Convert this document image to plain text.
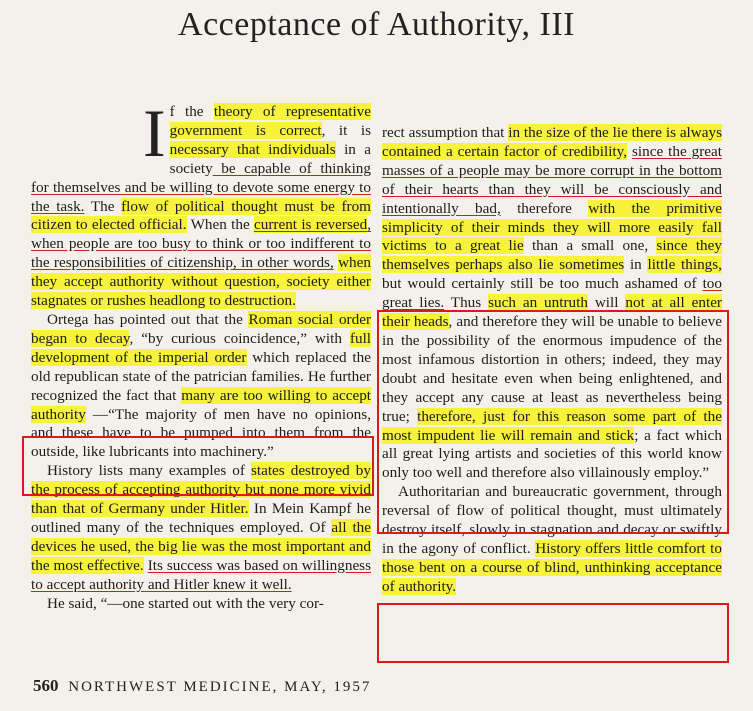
Acceptance of Authority, III

If the theory of representative government is correct, it is necessary that individuals in a society be capable of thinking for themselves and be willing to devote some energy to the task. The flow of political thought must be from citizen to elected official. When the current is reversed, when people are too busy to think or too indifferent to the responsibilities of citizenship, in other words, when they accept authority without question, society either stagnates or rushes headlong to destruction.

Ortega has pointed out that the Roman social order began to decay, “by curious coincidence,” with full development of the imperial order which replaced the old republican state of the patrician families. He further recognized the fact that many are too willing to accept authority —“The majority of men have no opinions, and these have to be pumped into them from the outside, like lubricants into machinery.”

History lists many examples of states destroyed by the process of accepting authority but none more vivid than that of Germany under Hitler. In Mein Kampf he outlined many of the techniques employed. Of all the devices he used, the big lie was the most important and the most effective. Its success was based on willingness to accept authority and Hitler knew it well.

He said, “—one started out with the very cor-

rect assumption that in the size of the lie there is always contained a certain factor of credibility, since the great masses of a people may be more corrupt in the bottom of their hearts than they will be consciously and intentionally bad, therefore with the primitive simplicity of their minds they will more easily fall victims to a great lie than a small one, since they themselves perhaps also lie sometimes in little things, but would certainly still be too much ashamed of too great lies. Thus such an untruth will not at all enter their heads, and therefore they will be unable to believe in the possibility of the enormous impudence of the most infamous distortion in others; indeed, they may doubt and hesitate even when being enlightened, and they accept any cause at least as nevertheless being true; therefore, just for this reason some part of the most impudent lie will remain and stick; a fact which all great lying artists and societies of this world know only too well and therefore also villainously employ.”

Authoritarian and bureaucratic government, through reversal of flow of political thought, must ultimately destroy itself, slowly in stagnation and decay or swiftly in the agony of conflict. History offers little comfort to those bent on a course of blind, unthinking acceptance of authority.

560 NORTHWEST MEDICINE, MAY, 1957
